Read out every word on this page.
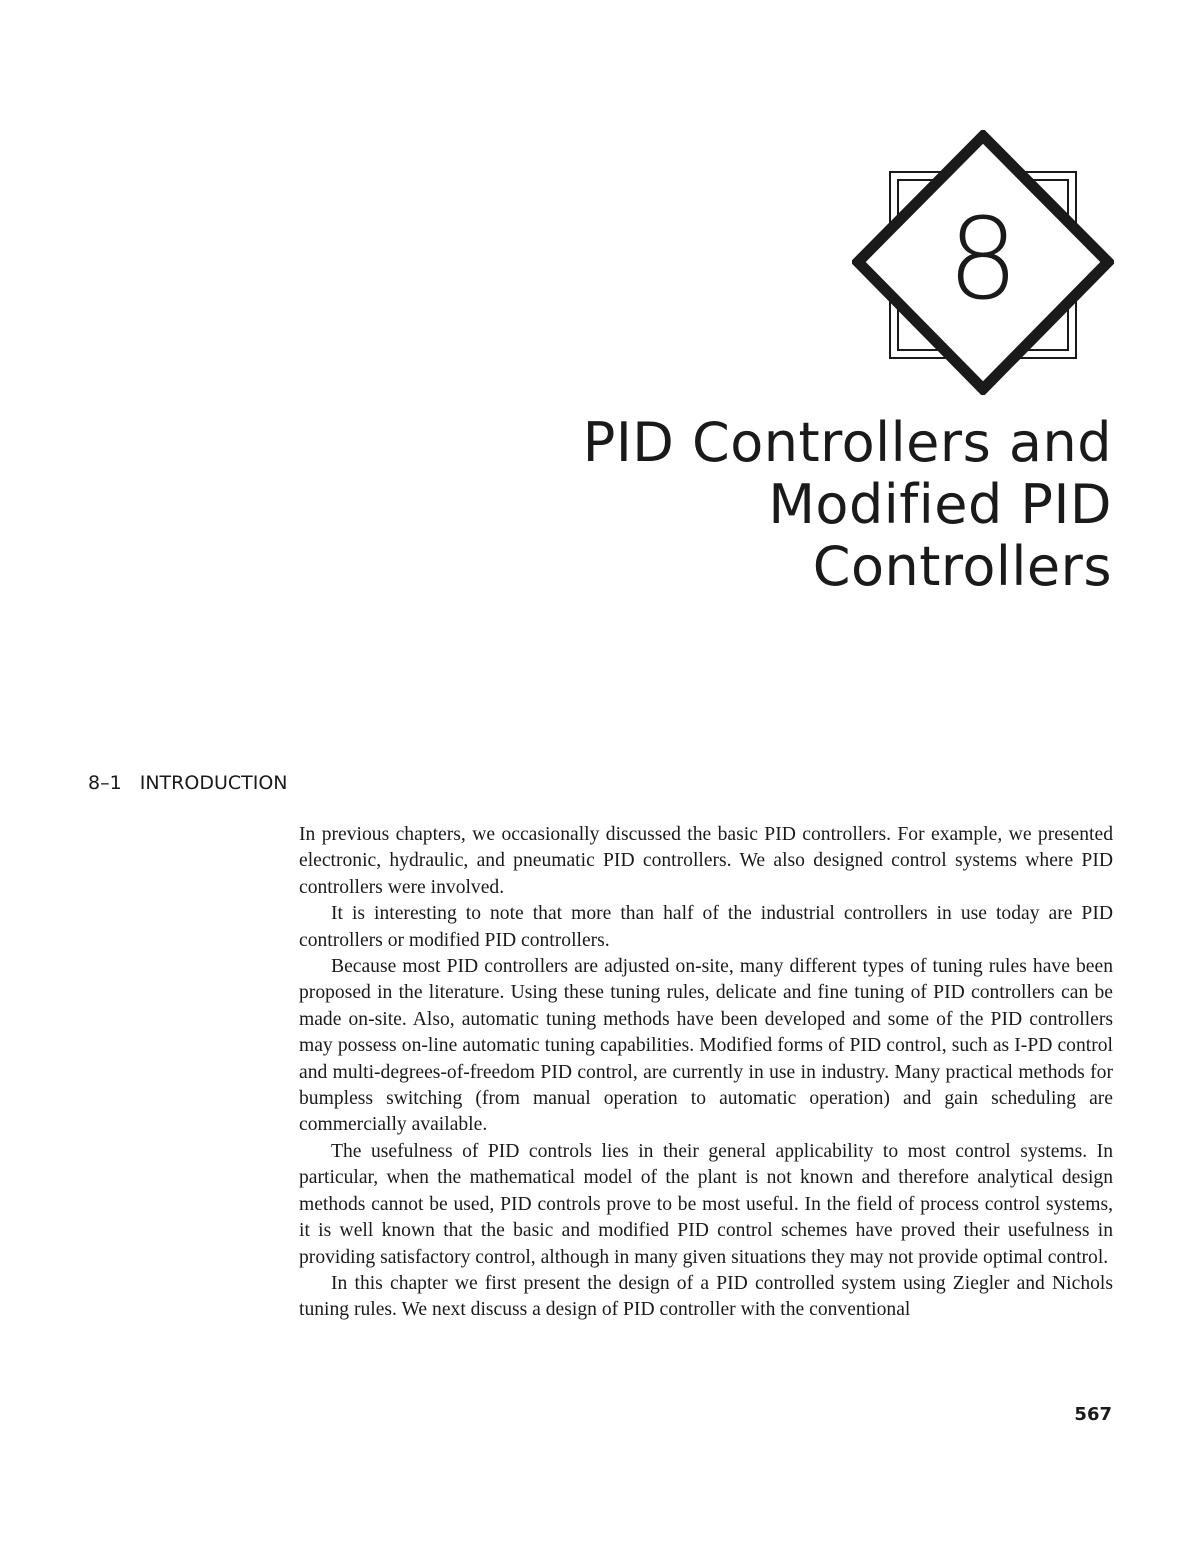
8
PID Controllers and
Modified PID
Controllers
8–1 INTRODUCTION

In previous chapters, we occasionally discussed the basic PID controllers. For example, we presented electronic, hydraulic, and pneumatic PID controllers. We also designed control systems where PID controllers were involved.

It is interesting to note that more than half of the industrial controllers in use today are PID controllers or modified PID controllers.

Because most PID controllers are adjusted on-site, many different types of tuning rules have been proposed in the literature. Using these tuning rules, delicate and fine tuning of PID controllers can be made on-site. Also, automatic tuning methods have been developed and some of the PID controllers may possess on-line automatic tuning capabilities. Modified forms of PID control, such as I-PD control and multi-degrees-of-freedom PID control, are currently in use in industry. Many practical methods for bumpless switching (from manual operation to automatic operation) and gain scheduling are commercially available.

The usefulness of PID controls lies in their general applicability to most control systems. In particular, when the mathematical model of the plant is not known and therefore analytical design methods cannot be used, PID controls prove to be most useful. In the field of process control systems, it is well known that the basic and modified PID control schemes have proved their usefulness in providing satisfactory control, although in many given situations they may not provide optimal control.

In this chapter we first present the design of a PID controlled system using Ziegler and Nichols tuning rules. We next discuss a design of PID controller with the conventional

567
